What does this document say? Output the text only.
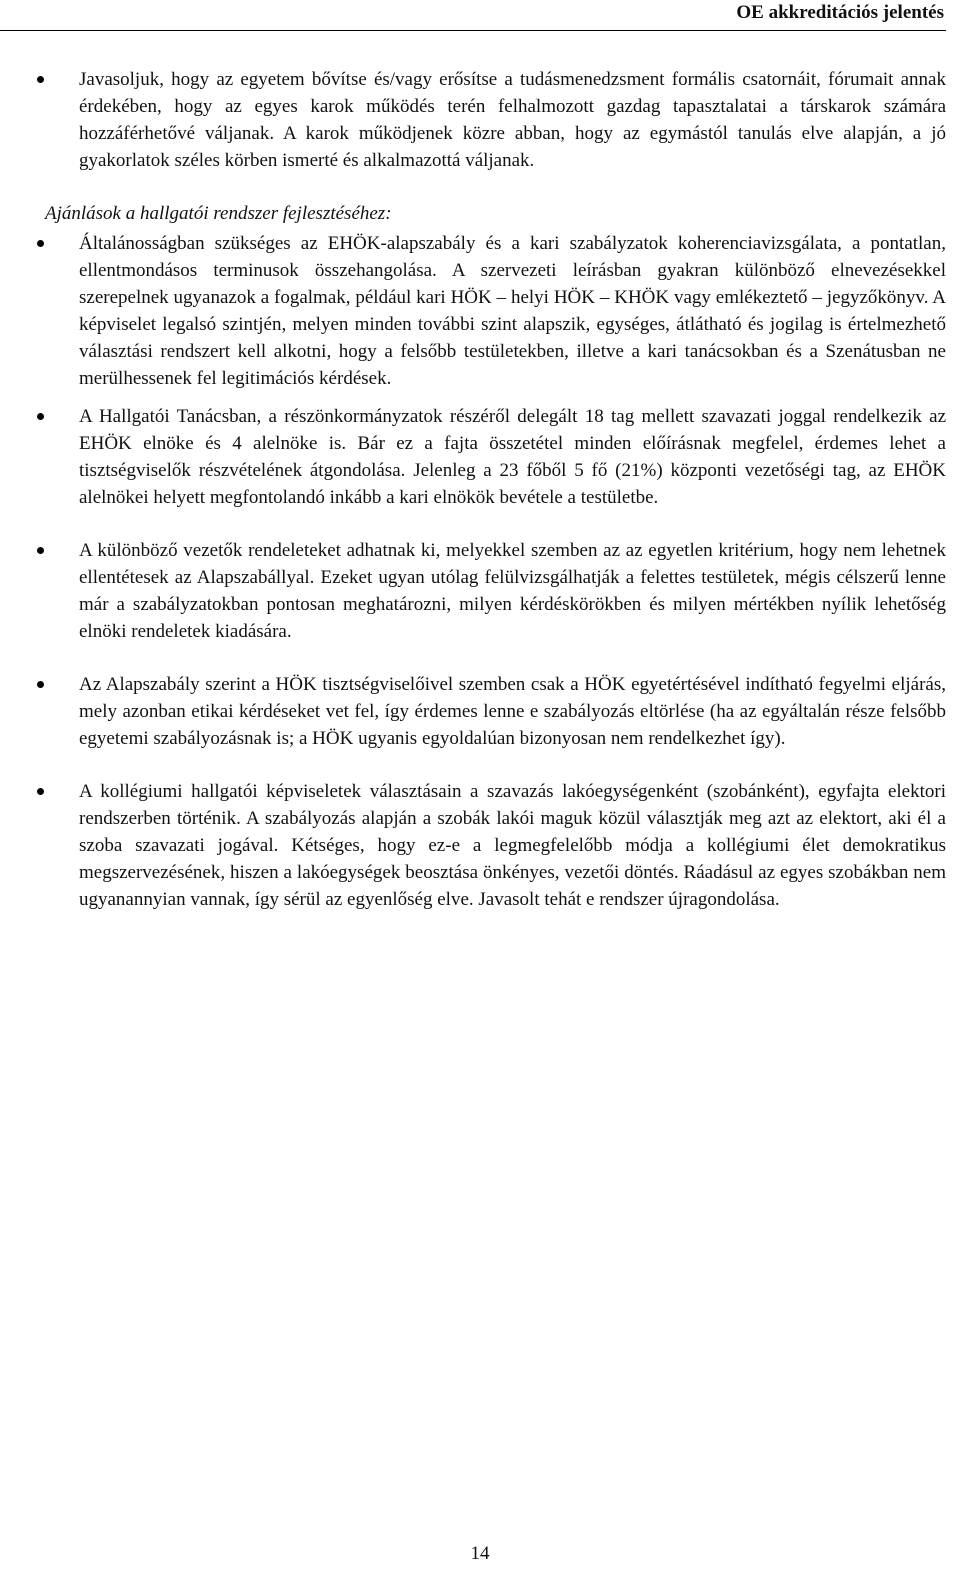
OE akkreditációs jelentés
Javasoljuk, hogy az egyetem bővítse és/vagy erősítse a tudásmenedzsment formális csatornáit, fórumait annak érdekében, hogy az egyes karok működés terén felhalmozott gazdag tapasztalatai a társkarok számára hozzáférhetővé váljanak. A karok működjenek közre abban, hogy az egymástól tanulás elve alapján, a jó gyakorlatok széles körben ismerté és alkalmazottá váljanak.
Ajánlások a hallgatói rendszer fejlesztéséhez:
Általánosságban szükséges az EHÖK-alapszabály és a kari szabályzatok koherenciavizsgálata, a pontatlan, ellentmondásos terminusok összehangolása. A szervezeti leírásban gyakran különböző elnevezésekkel szerepelnek ugyanazok a fogalmak, például kari HÖK – helyi HÖK – KHÖK vagy emlékeztető – jegyzőkönyv. A képviselet legalsó szintjén, melyen minden további szint alapszik, egységes, átlátható és jogilag is értelmezhető választási rendszert kell alkotni, hogy a felsőbb testületekben, illetve a kari tanácsokban és a Szenátusban ne merülhessenek fel legitimációs kérdések.
A Hallgatói Tanácsban, a részönkormányzatok részéről delegált 18 tag mellett szavazati joggal rendelkezik az EHÖK elnöke és 4 alelnöke is. Bár ez a fajta összetétel minden előírásnak megfelel, érdemes lehet a tisztségviselők részvételének átgondolása. Jelenleg a 23 főből 5 fő (21%) központi vezetőségi tag, az EHÖK alelnökei helyett megfontolandó inkább a kari elnökök bevétele a testületbe.
A különböző vezetők rendeleteket adhatnak ki, melyekkel szemben az az egyetlen kritérium, hogy nem lehetnek ellentétesek az Alapszabállyal. Ezeket ugyan utólag felülvizsgálhatják a felettes testületek, mégis célszerű lenne már a szabályzatokban pontosan meghatározni, milyen kérdéskörökben és milyen mértékben nyílik lehetőség elnöki rendeletek kiadására.
Az Alapszabály szerint a HÖK tisztségviselőivel szemben csak a HÖK egyetértésével indítható fegyelmi eljárás, mely azonban etikai kérdéseket vet fel, így érdemes lenne e szabályozás eltörlése (ha az egyáltalán része felsőbb egyetemi szabályozásnak is; a HÖK ugyanis egyoldalúan bizonyosan nem rendelkezhet így).
A kollégiumi hallgatói képviseletek választásain a szavazás lakóegységenként (szobánként), egyfajta elektori rendszerben történik. A szabályozás alapján a szobák lakói maguk közül választják meg azt az elektort, aki él a szoba szavazati jogával. Kétséges, hogy ez-e a legmegfelelőbb módja a kollégiumi élet demokratikus megszervezésének, hiszen a lakóegységek beosztása önkényes, vezetői döntés. Ráadásul az egyes szobákban nem ugyanannyian vannak, így sérül az egyenlőség elve. Javasolt tehát e rendszer újragondolása.
14
